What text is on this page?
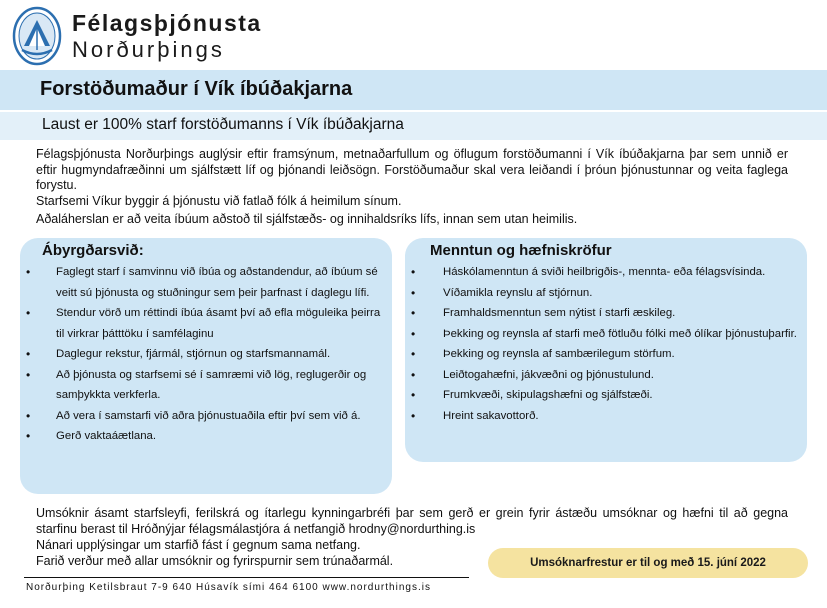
Félagsþjónusta
Norðurþings
Forstöðumaður í Vík íbúðakjarna
Laust er 100% starf forstöðumanns í Vík íbúðakjarna

Félagsþjónusta Norðurþings auglýsir eftir framsýnum, metnaðarfullum og öflugum forstöðumanni í Vík íbúðakjarna þar sem unnið er eftir hugmyndafræðinni um sjálfstætt líf og þjónandi leiðsögn. Forstöðumaður skal vera leiðandi í þróun þjónustunnar og veita faglega forystu.

Starfsemi Víkur byggir á þjónustu við fatlað fólk á heimilum sínum.

Aðaláherslan er að veita íbúum aðstoð til sjálfstæðs- og innihaldsríks lífs, innan sem utan heimilis.

Ábyrgðarsvið:
• Faglegt starf í samvinnu við íbúa og aðstandendur, að íbúum sé veitt sú þjónusta og stuðningur sem þeir þarfnast í daglegu lífi.
• Stendur vörð um réttindi íbúa ásamt því að efla möguleika þeirra til virkrar þátttöku í samfélaginu
• Daglegur rekstur, fjármál, stjórnun og starfsmannamál.
• Að þjónusta og starfsemi sé í samræmi við lög, reglugerðir og samþykkta verkferla.
• Að vera í samstarfi við aðra þjónustuaðila eftir því sem við á.
• Gerð vaktaáætlana.
Menntun og hæfniskröfur
• Háskólamenntun á sviði heilbrigðis-, mennta- eða félagsvísinda.
• Víðamikla reynslu af stjórnun.
• Framhaldsmenntun sem nýtist í starfi æskileg.
• Þekking og reynsla af starfi með fötluðu fólki með ólíkar þjónustuþarfir.
• Þekking og reynsla af sambærilegum störfum.
• Leiðtogahæfni, jákvæðni og þjónustulund.
• Frumkvæði, skipulagshæfni og sjálfstæði.
• Hreint sakavottorð.

Umsóknir ásamt starfsleyfi, ferilskrá og ítarlegu kynningarbréfi þar sem gerð er grein fyrir ástæðu umsóknar og hæfni til að gegna starfinu berast til Hróðnýjar félagsmálastjóra á netfangið hrodny@nordurthing.is

Nánari upplýsingar um starfið fást í gegnum sama netfang.

Farið verður með allar umsóknir og fyrirspurnir sem trúnaðarmál.	Umsóknarfrestur er til og með 15. júní 2022
Norðurþing Ketilsbraut 7-9 640 Húsavík sími 464 6100 www.nordurthings.is
